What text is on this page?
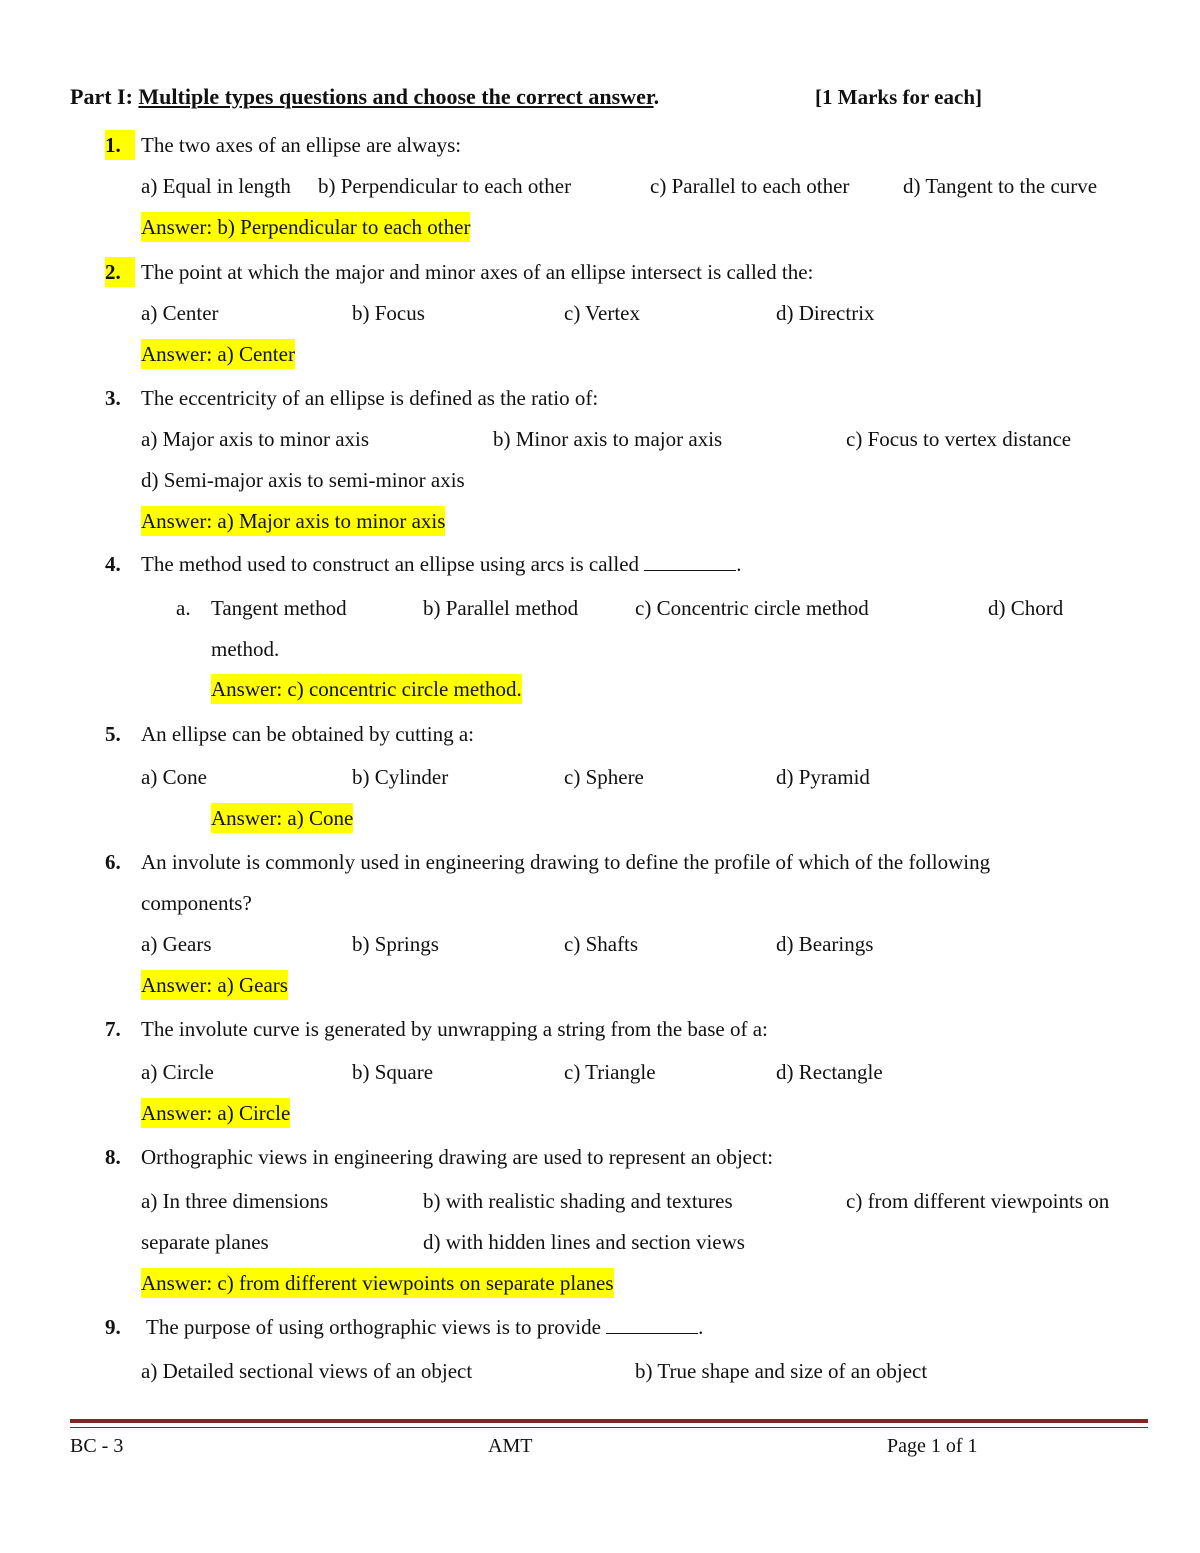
Part I: Multiple types questions and choose the correct answer.	[1 Marks for each]
1. The two axes of an ellipse are always:
a) Equal in length b) Perpendicular to each other	c) Parallel to each other	d) Tangent to the curve
Answer: b) Perpendicular to each other
2. The point at which the major and minor axes of an ellipse intersect is called the:
a) Center	b) Focus	c) Vertex	d) Directrix
Answer: a) Center
3. The eccentricity of an ellipse is defined as the ratio of:
a) Major axis to minor axis	b) Minor axis to major axis	c) Focus to vertex distance
d) Semi-major axis to semi-minor axis
Answer: a) Major axis to minor axis
4. The method used to construct an ellipse using arcs is called	.
a. Tangent method	b) Parallel method	c) Concentric circle method	d) Chord
method.
Answer: c) concentric circle method.
5. An ellipse can be obtained by cutting a:
a) Cone	b) Cylinder	c) Sphere	d) Pyramid
Answer: a) Cone
6. An involute is commonly used in engineering drawing to define the profile of which of the following
components?
a) Gears	b) Springs	c) Shafts	d) Bearings
Answer: a) Gears
7. The involute curve is generated by unwrapping a string from the base of a:
a) Circle	b) Square	c) Triangle	d) Rectangle
Answer: a) Circle
8. Orthographic views in engineering drawing are used to represent an object:
a) In three dimensions	b) with realistic shading and textures	c) from different viewpoints on
separate planes	d) with hidden lines and section views
Answer: c) from different viewpoints on separate planes
9. The purpose of using orthographic views is to provide	.
a) Detailed sectional views of an object	b) True shape and size of an object
BC - 3	AMT	Page 1 of 1
